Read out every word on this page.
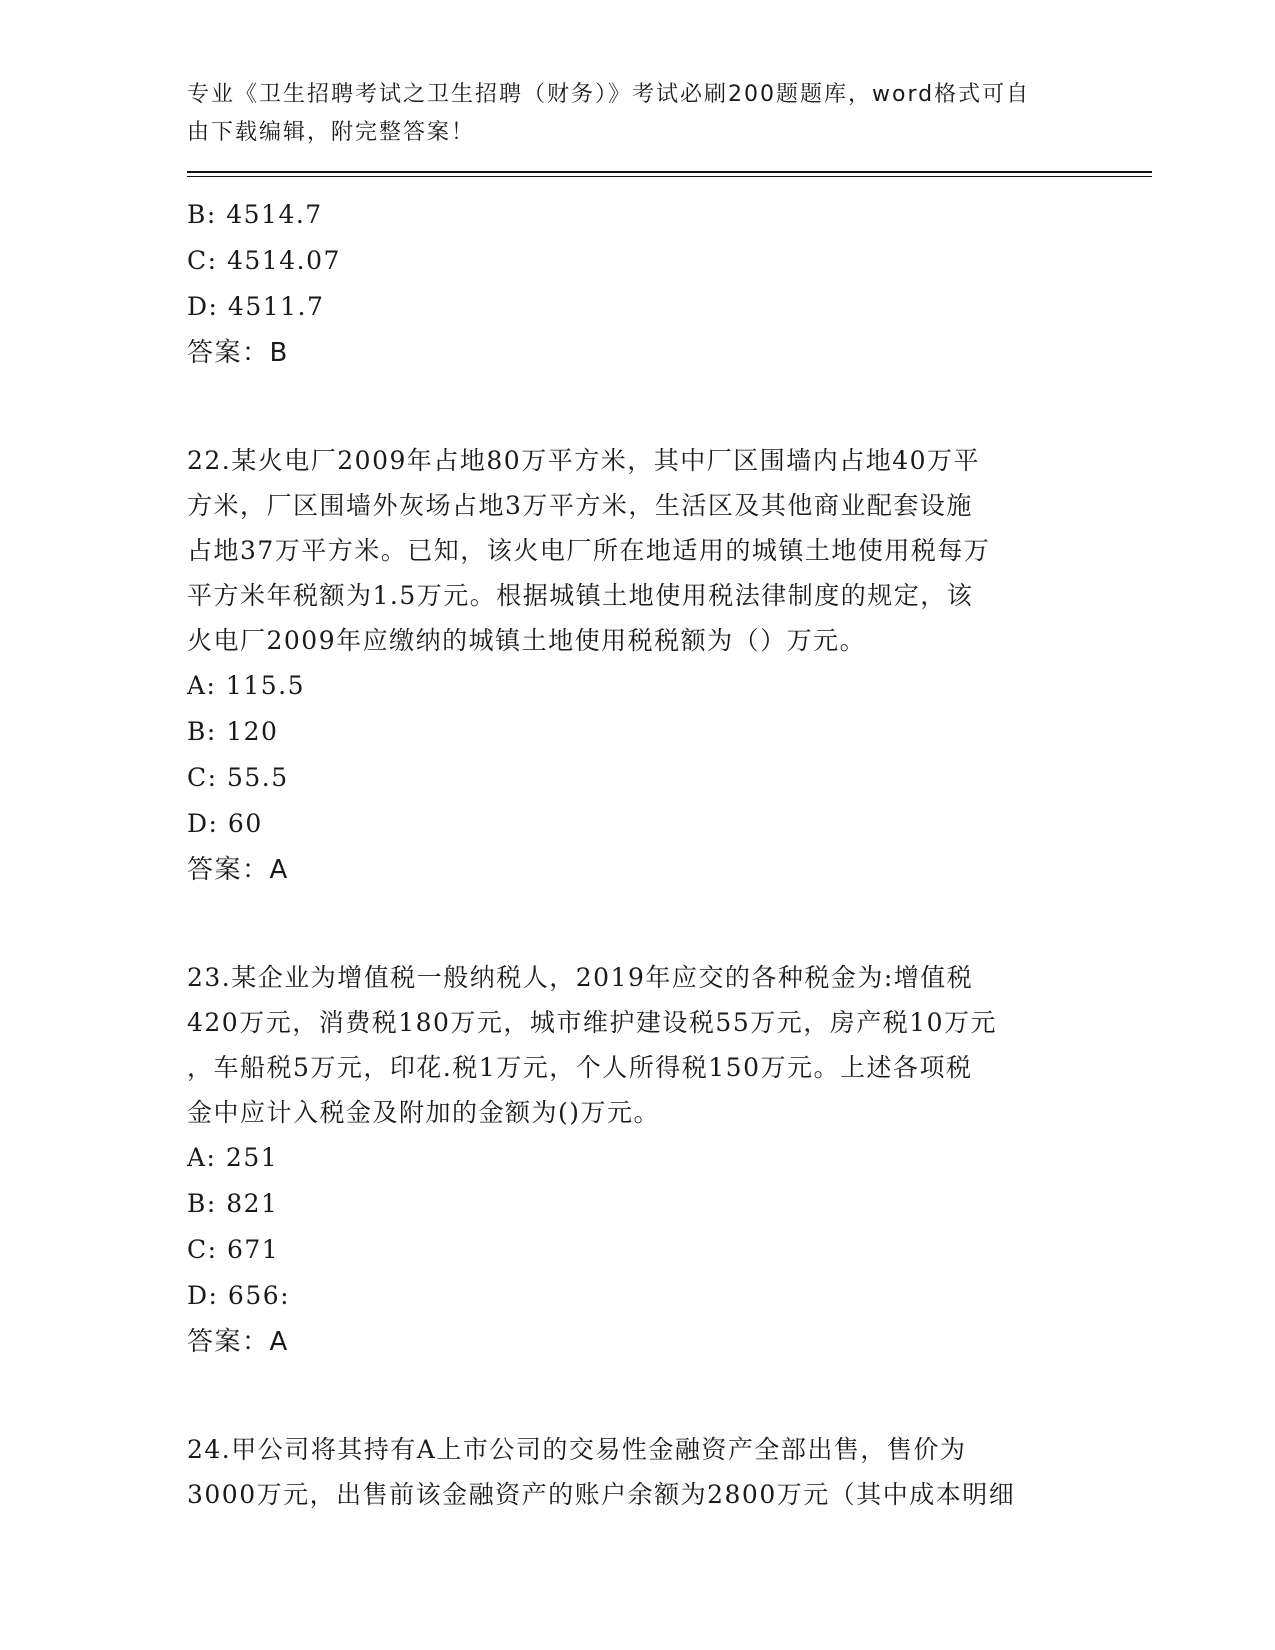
专业《卫生招聘考试之卫生招聘（财务）》考试必刷200题题库，word格式可自
由下载编辑，附完整答案！
B: 4514.7
C: 4514.07
D: 4511.7
答案：B
22.某火电厂2009年占地80万平方米，其中厂区围墙内占地40万平
方米，厂区围墙外灰场占地3万平方米，生活区及其他商业配套设施
占地37万平方米。已知，该火电厂所在地适用的城镇土地使用税每万
平方米年税额为1.5万元。根据城镇土地使用税法律制度的规定，该
火电厂2009年应缴纳的城镇土地使用税税额为（）万元。
A: 115.5
B: 120
C: 55.5
D: 60
答案：A
23.某企业为增值税一般纳税人，2019年应交的各种税金为:增值税
420万元，消费税180万元，城市维护建设税55万元，房产税10万元
，车船税5万元，印花.税1万元，个人所得税150万元。上述各项税
金中应计入税金及附加的金额为()万元。
A: 251
B: 821
C: 671
D: 656:
答案：A
24.甲公司将其持有A上市公司的交易性金融资产全部出售，售价为
3000万元，出售前该金融资产的账户余额为2800万元（其中成本明细
